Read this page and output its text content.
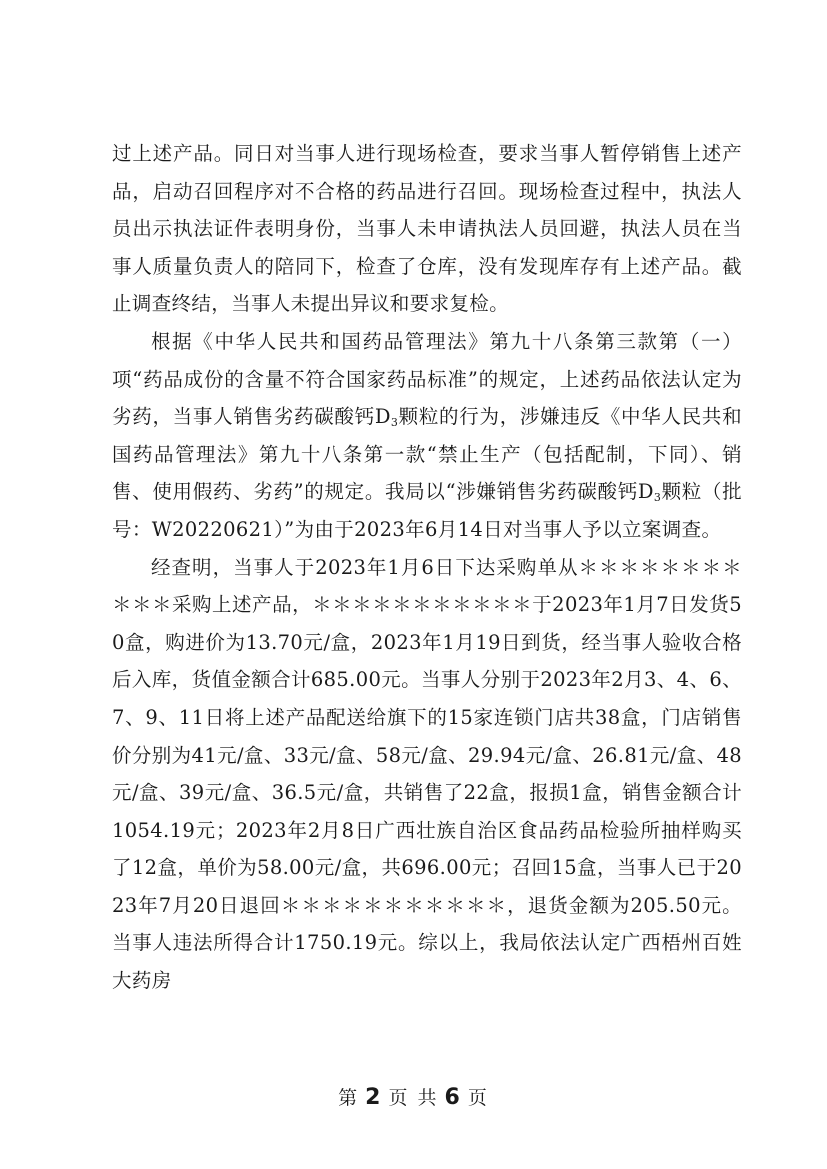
过上述产品。同日对当事人进行现场检查，要求当事人暂停销售上述产品，启动召回程序对不合格的药品进行召回。现场检查过程中，执法人员出示执法证件表明身份，当事人未申请执法人员回避，执法人员在当事人质量负责人的陪同下，检查了仓库，没有发现库存有上述产品。截止调查终结，当事人未提出异议和要求复检。

根据《中华人民共和国药品管理法》第九十八条第三款第（一）项“药品成份的含量不符合国家药品标准”的规定，上述药品依法认定为劣药，当事人销售劣药碳酸钙$D_3$颗粒的行为，涉嫌违反《中华人民共和国药品管理法》第九十八条第一款“禁止生产（包括配制，下同）、销售、使用假药、劣药”的规定。我局以“涉嫌销售劣药碳酸钙$D_3$颗粒（批号：W20220621）”为由于2023年6月14日对当事人予以立案调查。

经查明，当事人于2023年1月6日下达采购单从＊＊＊＊＊＊＊＊＊＊＊采购上述产品，＊＊＊＊＊＊＊＊＊＊＊于2023年1月7日发货50盒，购进价为13.70元/盒，2023年1月19日到货，经当事人验收合格后入库，货值金额合计685.00元。当事人分别于2023年2月3、4、6、7、9、11日将上述产品配送给旗下的15家连锁门店共38盒，门店销售价分别为41元/盒、33元/盒、58元/盒、29.94元/盒、26.81元/盒、48元/盒、39元/盒、36.5元/盒，共销售了22盒，报损1盒，销售金额合计1054.19元；2023年2月8日广西壮族自治区食品药品检验所抽样购买了12盒，单价为58.00元/盒，共696.00元；召回15盒，当事人已于2023年7月20日退回＊＊＊＊＊＊＊＊＊＊＊，退货金额为205.50元。当事人违法所得合计1750.19元。综以上，我局依法认定广西梧州百姓大药房

第 2 页 共 6 页
